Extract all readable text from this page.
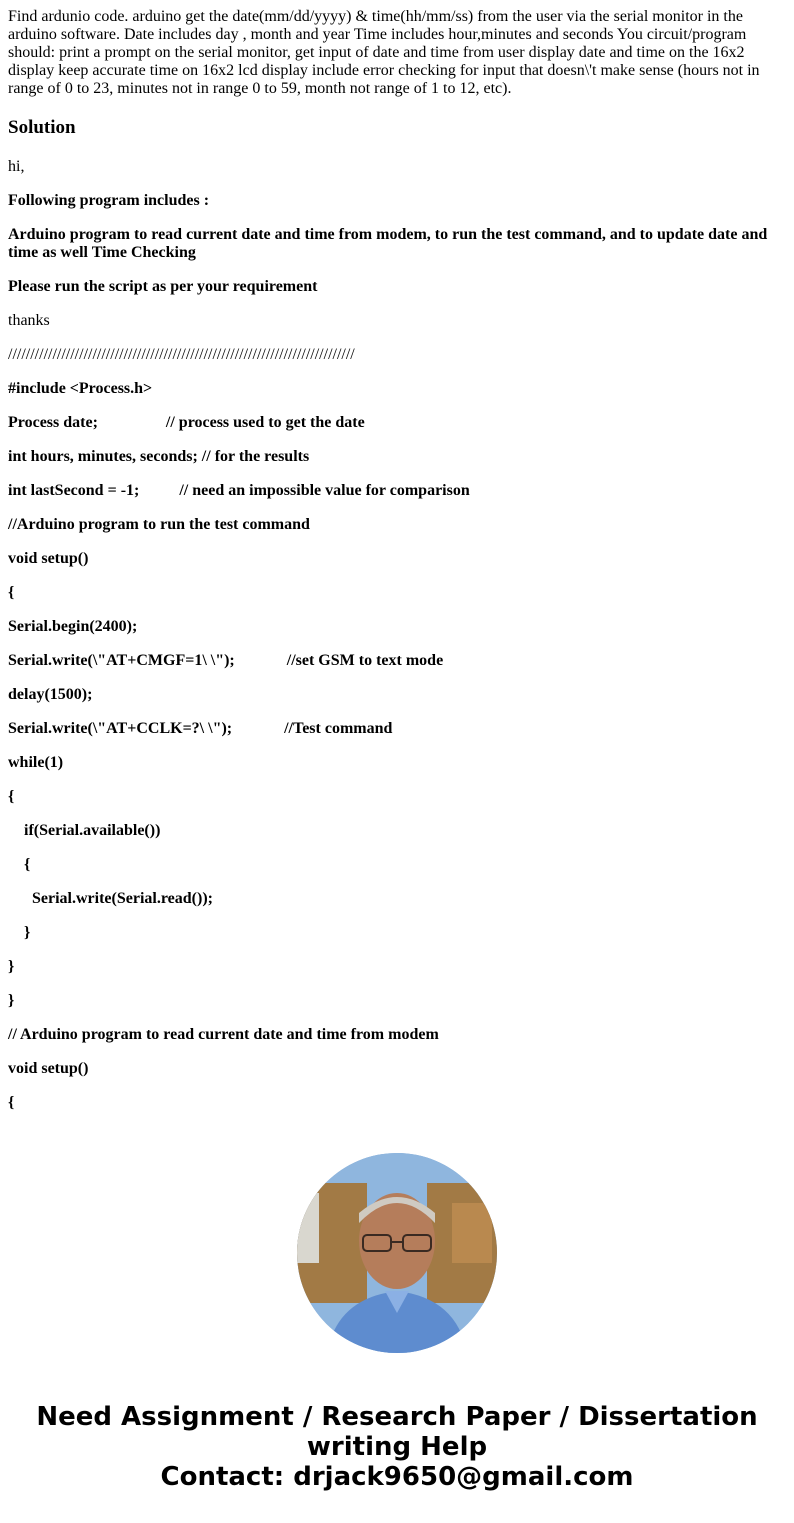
Find ardunio code. arduino get the date(mm/dd/yyyy) & time(hh/mm/ss) from the user via the serial monitor in the arduino software. Date includes day , month and year Time includes hour,minutes and seconds You circuit/program should: print a prompt on the serial monitor, get input of date and time from user display date and time on the 16x2 display keep accurate time on 16x2 lcd display include error checking for input that doesn\'t make sense (hours not in range of 0 to 23, minutes not in range 0 to 59, month not range of 1 to 12, etc).

Solution

hi,

Following program includes :

Arduino program to read current date and time from modem, to run the test command, and to update date and time as well Time Checking

Please run the script as per your requirement

thanks

//////////////////////////////////////////////////////////////////////////////

#include <Process.h>

Process date;                 // process used to get the date

int hours, minutes, seconds; // for the results

int lastSecond = -1;          // need an impossible value for comparison

//Arduino program to run the test command

void setup()

{

Serial.begin(2400);

Serial.write(\"AT+CMGF=1\ \");             //set GSM to text mode

delay(1500);

Serial.write(\"AT+CCLK=?\ \");             //Test command

while(1)

{

if(Serial.available())

{

Serial.write(Serial.read());

}

}

}

// Arduino program to read current date and time from modem

void setup()

{

Need Assignment / Research Paper / Dissertation
writing Help
Contact: drjack9650@gmail.com
